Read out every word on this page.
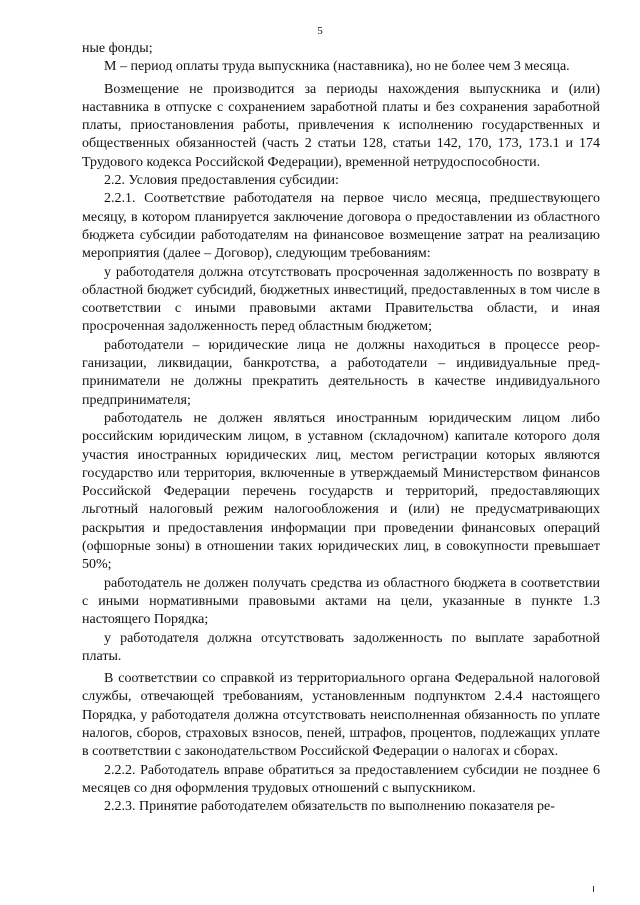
5

ные фонды;

M – период оплаты труда выпускника (наставника), но не более чем 3 месяца.

Возмещение не производится за периоды нахождения выпускника и (или) наставника в отпуске с сохранением заработной платы и без сохранения заработной платы, приостановления работы, привлечения к исполнению государственных и общественных обязанностей (часть 2 статьи 128, статьи 142, 170, 173, 173.1 и 174 Трудового кодекса Российской Федерации), временной нетрудоспособности.

2.2. Условия предоставления субсидии:

2.2.1. Соответствие работодателя на первое число месяца, предшествующего месяцу, в котором планируется заключение договора о предоставлении из областного бюджета субсидии работодателям на финансовое возмещение затрат на реализацию мероприятия (далее – Договор), следующим требованиям:

у работодателя должна отсутствовать просроченная задолженность по возврату в областной бюджет субсидий, бюджетных инвестиций, предоставленных в том числе в соответствии с иными правовыми актами Правительства области, и иная просроченная задолженность перед областным бюджетом;

работодатели – юридические лица не должны находиться в процессе реорганизации, ликвидации, банкротства, а работодатели – индивидуальные предприниматели не должны прекратить деятельность в качестве индивидуального предпринимателя;

работодатель не должен являться иностранным юридическим лицом либо российским юридическим лицом, в уставном (складочном) капитале которого доля участия иностранных юридических лиц, местом регистрации которых являются государство или территория, включенные в утверждаемый Министерством финансов Российской Федерации перечень государств и территорий, предоставляющих льготный налоговый режим налогообложения и (или) не предусматривающих раскрытия и предоставления информации при проведении финансовых операций (офшорные зоны) в отношении таких юридических лиц, в совокупности превышает 50%;

работодатель не должен получать средства из областного бюджета в соответствии с иными нормативными правовыми актами на цели, указанные в пункте 1.3 настоящего Порядка;

у работодателя должна отсутствовать задолженность по выплате заработной платы.

В соответствии со справкой из территориального органа Федеральной налоговой службы, отвечающей требованиям, установленным подпунктом 2.4.4 настоящего Порядка, у работодателя должна отсутствовать неисполненная обязанность по уплате налогов, сборов, страховых взносов, пеней, штрафов, процентов, подлежащих уплате в соответствии с законодательством Российской Федерации о налогах и сборах.

2.2.2. Работодатель вправе обратиться за предоставлением субсидии не позднее 6 месяцев со дня оформления трудовых отношений с выпускником.

2.2.3. Принятие работодателем обязательств по выполнению показателя ре-
